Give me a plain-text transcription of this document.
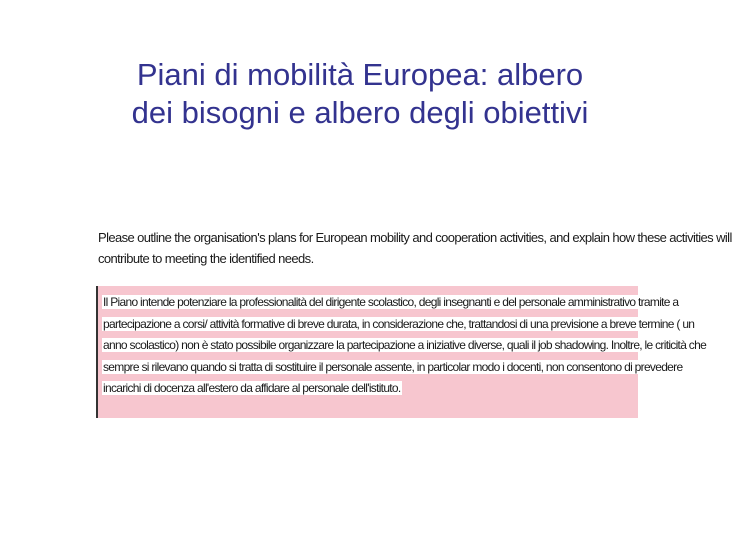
Piani di mobilità Europea: albero
dei bisogni e albero degli obiettivi
Please outline the organisation's plans for European mobility and cooperation activities, and explain how these activities will
contribute to meeting the identified needs.
Il Piano intende potenziare la professionalità del dirigente scolastico, degli insegnanti e del personale amministrativo tramite a
partecipazione a corsi/ attività formative di breve durata, in considerazione che, trattandosi di una previsione a breve termine ( un
anno scolastico) non è stato possibile organizzare la partecipazione a iniziative diverse, quali il job shadowing. Inoltre, le criticità che
sempre si rilevano quando si tratta di sostituire il personale assente, in particolar modo i docenti, non consentono di prevedere
incarichi di docenza all'estero da affidare al personale dell'istituto.
